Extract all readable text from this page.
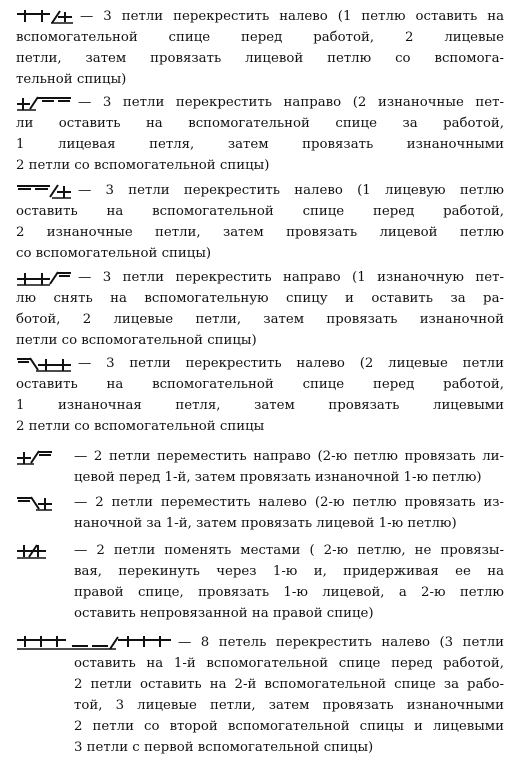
— 3 петли перекрестить налево (1 петлю оставить на
вспомогательной спице перед работой, 2 лицевые
петли, затем провязать лицевой петлю со вспомога-
тельной спицы)
— 3 петли перекрестить направо (2 изнаночные пет-
ли оставить на вспомогательной спице за работой,
1 лицевая петля, затем провязать изнаночными
2 петли со вспомогательной спицы)
— 3 петли перекрестить налево (1 лицевую петлю
оставить на вспомогательной спице перед работой,
2 изнаночные петли, затем провязать лицевой петлю
со вспомогательной спицы)
— 3 петли перекрестить направо (1 изнаночную пет-
лю снять на вспомогательную спицу и оставить за ра-
ботой, 2 лицевые петли, затем провязать изнаночной
петли со вспомогательной спицы)
— 3 петли перекрестить налево (2 лицевые петли
оставить на вспомогательной спице перед работой,
1 изнаночная петля, затем провязать лицевыми
2 петли со вспомогательной спицы
— 2 петли переместить направо (2-ю петлю провязать ли-
цевой перед 1-й, затем провязать изнаночной 1-ю петлю)
— 2 петли переместить налево (2-ю петлю провязать из-
наночной за 1-й, затем провязать лицевой 1-ю петлю)
— 2 петли поменять местами ( 2-ю петлю, не провязы-
вая, перекинуть через 1-ю и, придерживая ее на
правой спице, провязать 1-ю лицевой, а 2-ю петлю
оставить непровязанной на правой спице)
— 8 петель перекрестить налево (3 петли
оставить на 1-й вспомогательной спице перед работой,
2 петли оставить на 2-й вспомогательной спице за рабо-
той, 3 лицевые петли, затем провязать изнаночными
2 петли со второй вспомогательной спицы и лицевыми
3 петли с первой вспомогательной спицы)
